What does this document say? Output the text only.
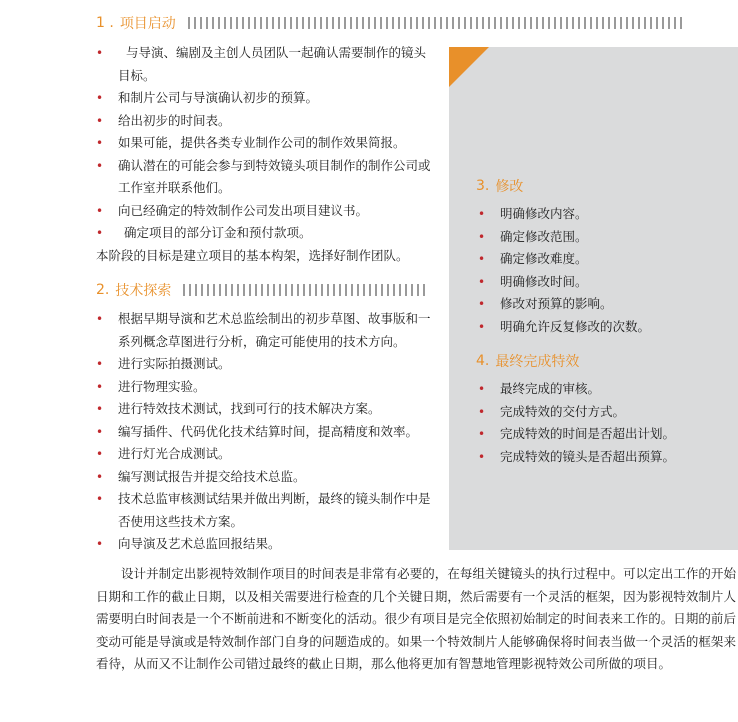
1 . 项目启动
• 与导演、编剧及主创人员团队一起确认需要制作的镜头目标。
• 和制片公司与导演确认初步的预算。
• 给出初步的时间表。
• 如果可能，提供各类专业制作公司的制作效果简报。
• 确认潜在的可能会参与到特效镜头项目制作的制作公司或工作室并联系他们。
• 向已经确定的特效制作公司发出项目建议书。
• 确定项目的部分订金和预付款项。
本阶段的目标是建立项目的基本构架，选择好制作团队。
2. 技术探索
• 根据早期导演和艺术总监绘制出的初步草图、故事版和一系列概念草图进行分析，确定可能使用的技术方向。
• 进行实际拍摄测试。
• 进行物理实验。
• 进行特效技术测试，找到可行的技术解决方案。
• 编写插件、代码优化技术结算时间，提高精度和效率。
• 进行灯光合成测试。
• 编写测试报告并提交给技术总监。
• 技术总监审核测试结果并做出判断，最终的镜头制作中是否使用这些技术方案。
• 向导演及艺术总监回报结果。
3. 修改
• 明确修改内容。
• 确定修改范围。
• 确定修改难度。
• 明确修改时间。
• 修改对预算的影响。
• 明确允许反复修改的次数。
4. 最终完成特效
• 最终完成的审核。
• 完成特效的交付方式。
• 完成特效的时间是否超出计划。
• 完成特效的镜头是否超出预算。
设计并制定出影视特效制作项目的时间表是非常有必要的，在每组关键镜头的执行过程中。可以定出工作的开始日期和工作的截止日期，以及相关需要进行检查的几个关键日期，然后需要有一个灵活的框架，因为影视特效制片人需要明白时间表是一个不断前进和不断变化的活动。很少有项目是完全依照初始制定的时间表来工作的。日期的前后变动可能是导演或是特效制作部门自身的问题造成的。如果一个特效制片人能够确保将时间表当做一个灵活的框架来看待，从而又不让制作公司错过最终的截止日期，那么他将更加有智慧地管理影视特效公司所做的项目。
